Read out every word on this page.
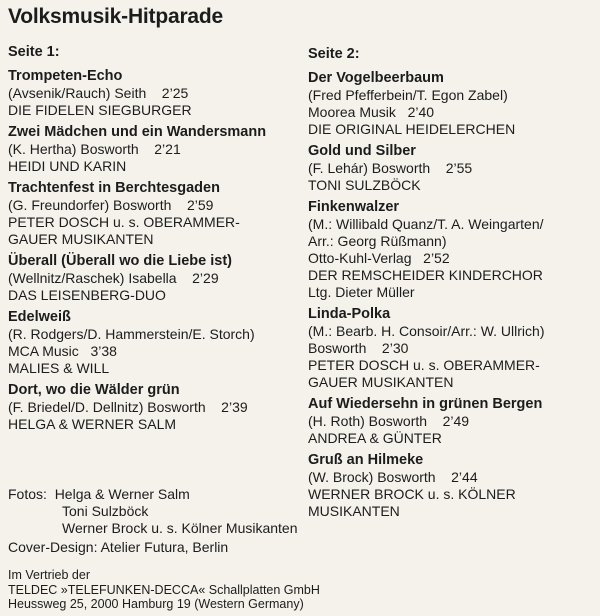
Volksmusik-Hitparade
Seite 1:
Trompeten-Echo
(Avsenik/Rauch) Seith    2’25
DIE FIDELEN SIEGBURGER
Zwei Mädchen und ein Wandersmann
(K. Hertha) Bosworth    2’21
HEIDI UND KARIN
Trachtenfest in Berchtesgaden
(G. Freundorfer) Bosworth    2’59
PETER DOSCH u. s. OBERAMMER-
GAUER MUSIKANTEN
Überall (Überall wo die Liebe ist)
(Wellnitz/Raschek) Isabella    2’29
DAS LEISENBERG-DUO
Edelweiß
(R. Rodgers/D. Hammerstein/E. Storch)
MCA Music   3’38
MALIES & WILL
Dort, wo die Wälder grün
(F. Briedel/D. Dellnitz) Bosworth    2’39
HELGA & WERNER SALM
Seite 2:
Der Vogelbeerbaum
(Fred Pfefferbein/T. Egon Zabel)
Moorea Musik   2’40
DIE ORIGINAL HEIDELERCHEN
Gold und Silber
(F. Lehár) Bosworth    2’55
TONI SULZBÖCK
Finkenwalzer
(M.: Willibald Quanz/T. A. Weingarten/
Arr.: Georg Rüßmann)
Otto-Kuhl-Verlag   2’52
DER REMSCHEIDER KINDERCHOR
Ltg. Dieter Müller
Linda-Polka
(M.: Bearb. H. Consoir/Arr.: W. Ullrich)
Bosworth    2’30
PETER DOSCH u. s. OBERAMMER-
GAUER MUSIKANTEN
Auf Wiedersehn in grünen Bergen
(H. Roth) Bosworth    2’49
ANDREA & GÜNTER
Gruß an Hilmeke
(W. Brock) Bosworth    2’44
WERNER BROCK u. s. KÖLNER
MUSIKANTEN
Fotos: Helga & Werner Salm
Toni Sulzböck
Werner Brock u. s. Kölner Musikanten
Cover-Design: Atelier Futura, Berlin
Im Vertrieb der
TELDEC »TELEFUNKEN-DECCA« Schallplatten GmbH
Heussweg 25, 2000 Hamburg 19 (Western Germany)
